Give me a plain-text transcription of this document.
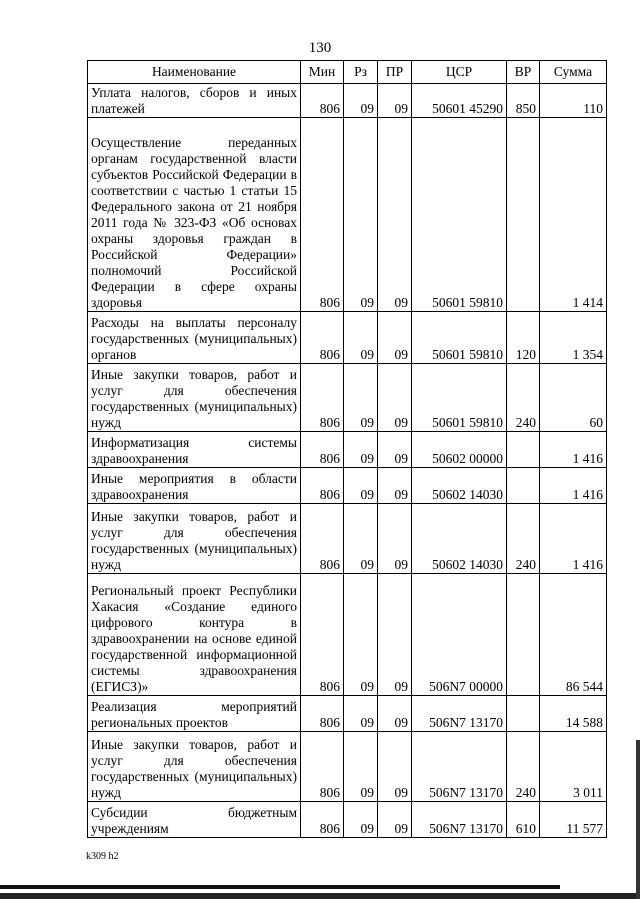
130
Наименование	Мин	Рз	ПР	ЦСР	ВР	Сумма
Уплата налогов, сборов и иных платежей	806	09	09	50601 45290	850	110
Осуществление переданных органам государственной власти субъектов Российской Федерации в соответствии с частью 1 статьи 15 Федерального закона от 21 ноября 2011 года № 323-ФЗ «Об основах охраны здоровья граждан в Российской Федерации» полномочий Российской Федерации в сфере охраны здоровья	806	09	09	50601 59810		1 414
Расходы на выплаты персоналу государственных (муниципальных) органов	806	09	09	50601 59810	120	1 354
Иные закупки товаров, работ и услуг для обеспечения государственных (муниципальных) нужд	806	09	09	50601 59810	240	60
Информатизация системы здравоохранения	806	09	09	50602 00000		1 416
Иные мероприятия в области здравоохранения	806	09	09	50602 14030		1 416
Иные закупки товаров, работ и услуг для обеспечения государственных (муниципальных) нужд	806	09	09	50602 14030	240	1 416
Региональный проект Республики Хакасия «Создание единого цифрового контура в здравоохранении на основе единой государственной информационной системы здравоохранения (ЕГИСЗ)»	806	09	09	506N7 00000		86 544
Реализация мероприятий региональных проектов	806	09	09	506N7 13170		14 588
Иные закупки товаров, работ и услуг для обеспечения государственных (муниципальных) нужд	806	09	09	506N7 13170	240	3 011
Субсидии бюджетным учреждениям	806	09	09	506N7 13170	610	11 577
k309 h2
